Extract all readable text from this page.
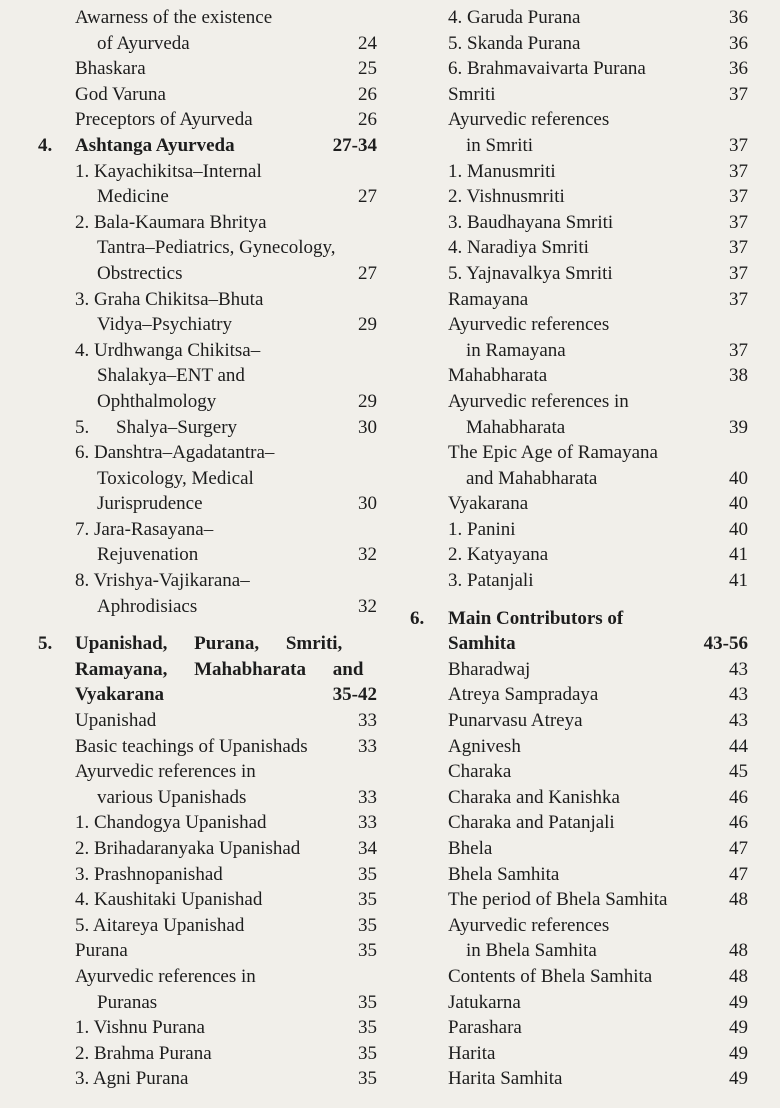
Awarness of the existence
of Ayurveda	24
Bhaskara	25
God Varuna	26
Preceptors of Ayurveda	26
4. Ashtanga Ayurveda	27-34
1. Kayachikitsa–Internal
Medicine	27
2. Bala-Kaumara Bhritya
Tantra–Pediatrics, Gynecology,
Obstrectics	27
3. Graha Chikitsa–Bhuta
Vidya–Psychiatry	29
4. Urdhwanga Chikitsa–
Shalakya–ENT and
Ophthalmology	29
5. Shalya–Surgery	30
6. Danshtra–Agadatantra–
Toxicology, Medical
Jurisprudence	30
7. Jara-Rasayana–
Rejuvenation	32
8. Vrishya-Vajikarana–
Aphrodisiacs	32
5. Upanishad, Purana, Smriti,
Ramayana, Mahabharata and
Vyakarana	35-42
Upanishad	33
Basic teachings of Upanishads	33
Ayurvedic references in
various Upanishads	33
1. Chandogya Upanishad	33
2. Brihadaranyaka Upanishad	34
3. Prashnopanishad	35
4. Kaushitaki Upanishad	35
5. Aitareya Upanishad	35
Purana	35
Ayurvedic references in
Puranas	35
1. Vishnu Purana	35
2. Brahma Purana	35
3. Agni Purana	35
4. Garuda Purana	36
5. Skanda Purana	36
6. Brahmavaivarta Purana	36
Smriti	37
Ayurvedic references
in Smriti	37
1. Manusmriti	37
2. Vishnusmriti	37
3. Baudhayana Smriti	37
4. Naradiya Smriti	37
5. Yajnavalkya Smriti	37
Ramayana	37
Ayurvedic references
in Ramayana	37
Mahabharata	38
Ayurvedic references in
Mahabharata	39
The Epic Age of Ramayana
and Mahabharata	40
Vyakarana	40
1. Panini	40
2. Katyayana	41
3. Patanjali	41
6. Main Contributors of
Samhita	43-56
Bharadwaj	43
Atreya Sampradaya	43
Punarvasu Atreya	43
Agnivesh	44
Charaka	45
Charaka and Kanishka	46
Charaka and Patanjali	46
Bhela	47
Bhela Samhita	47
The period of Bhela Samhita	48
Ayurvedic references
in Bhela Samhita	48
Contents of Bhela Samhita	48
Jatukarna	49
Parashara	49
Harita	49
Harita Samhita	49
